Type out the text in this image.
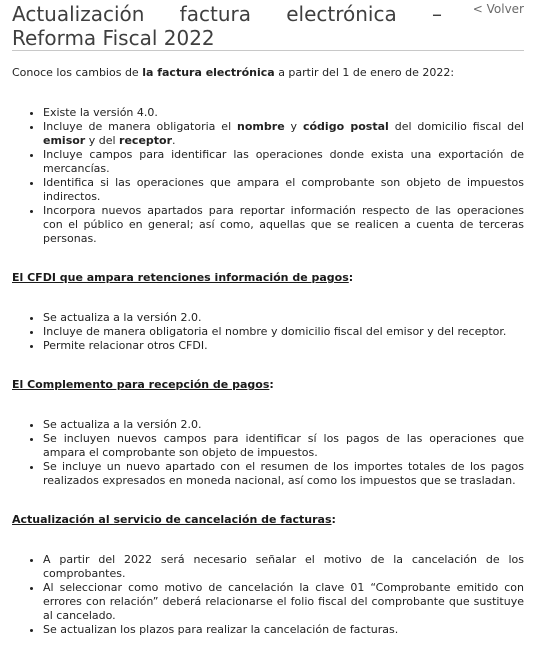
Actualización factura electrónica – Reforma Fiscal 2022
< Volver

Conoce los cambios de la factura electrónica a partir del 1 de enero de 2022:

• Existe la versión 4.0.
• Incluye de manera obligatoria el nombre y código postal del domicilio fiscal del emisor y del receptor.
• Incluye campos para identificar las operaciones donde exista una exportación de mercancías.
• Identifica si las operaciones que ampara el comprobante son objeto de impuestos indirectos.
• Incorpora nuevos apartados para reportar información respecto de las operaciones con el público en general; así como, aquellas que se realicen a cuenta de terceras personas.

El CFDI que ampara retenciones información de pagos:

• Se actualiza a la versión 2.0.
• Incluye de manera obligatoria el nombre y domicilio fiscal del emisor y del receptor.
• Permite relacionar otros CFDI.

El Complemento para recepción de pagos:

• Se actualiza a la versión 2.0.
• Se incluyen nuevos campos para identificar sí los pagos de las operaciones que ampara el comprobante son objeto de impuestos.
• Se incluye un nuevo apartado con el resumen de los importes totales de los pagos realizados expresados en moneda nacional, así como los impuestos que se trasladan.

Actualización al servicio de cancelación de facturas:

• A partir del 2022 será necesario señalar el motivo de la cancelación de los comprobantes.
• Al seleccionar como motivo de cancelación la clave 01 “Comprobante emitido con errores con relación” deberá relacionarse el folio fiscal del comprobante que sustituye al cancelado.
• Se actualizan los plazos para realizar la cancelación de facturas.
